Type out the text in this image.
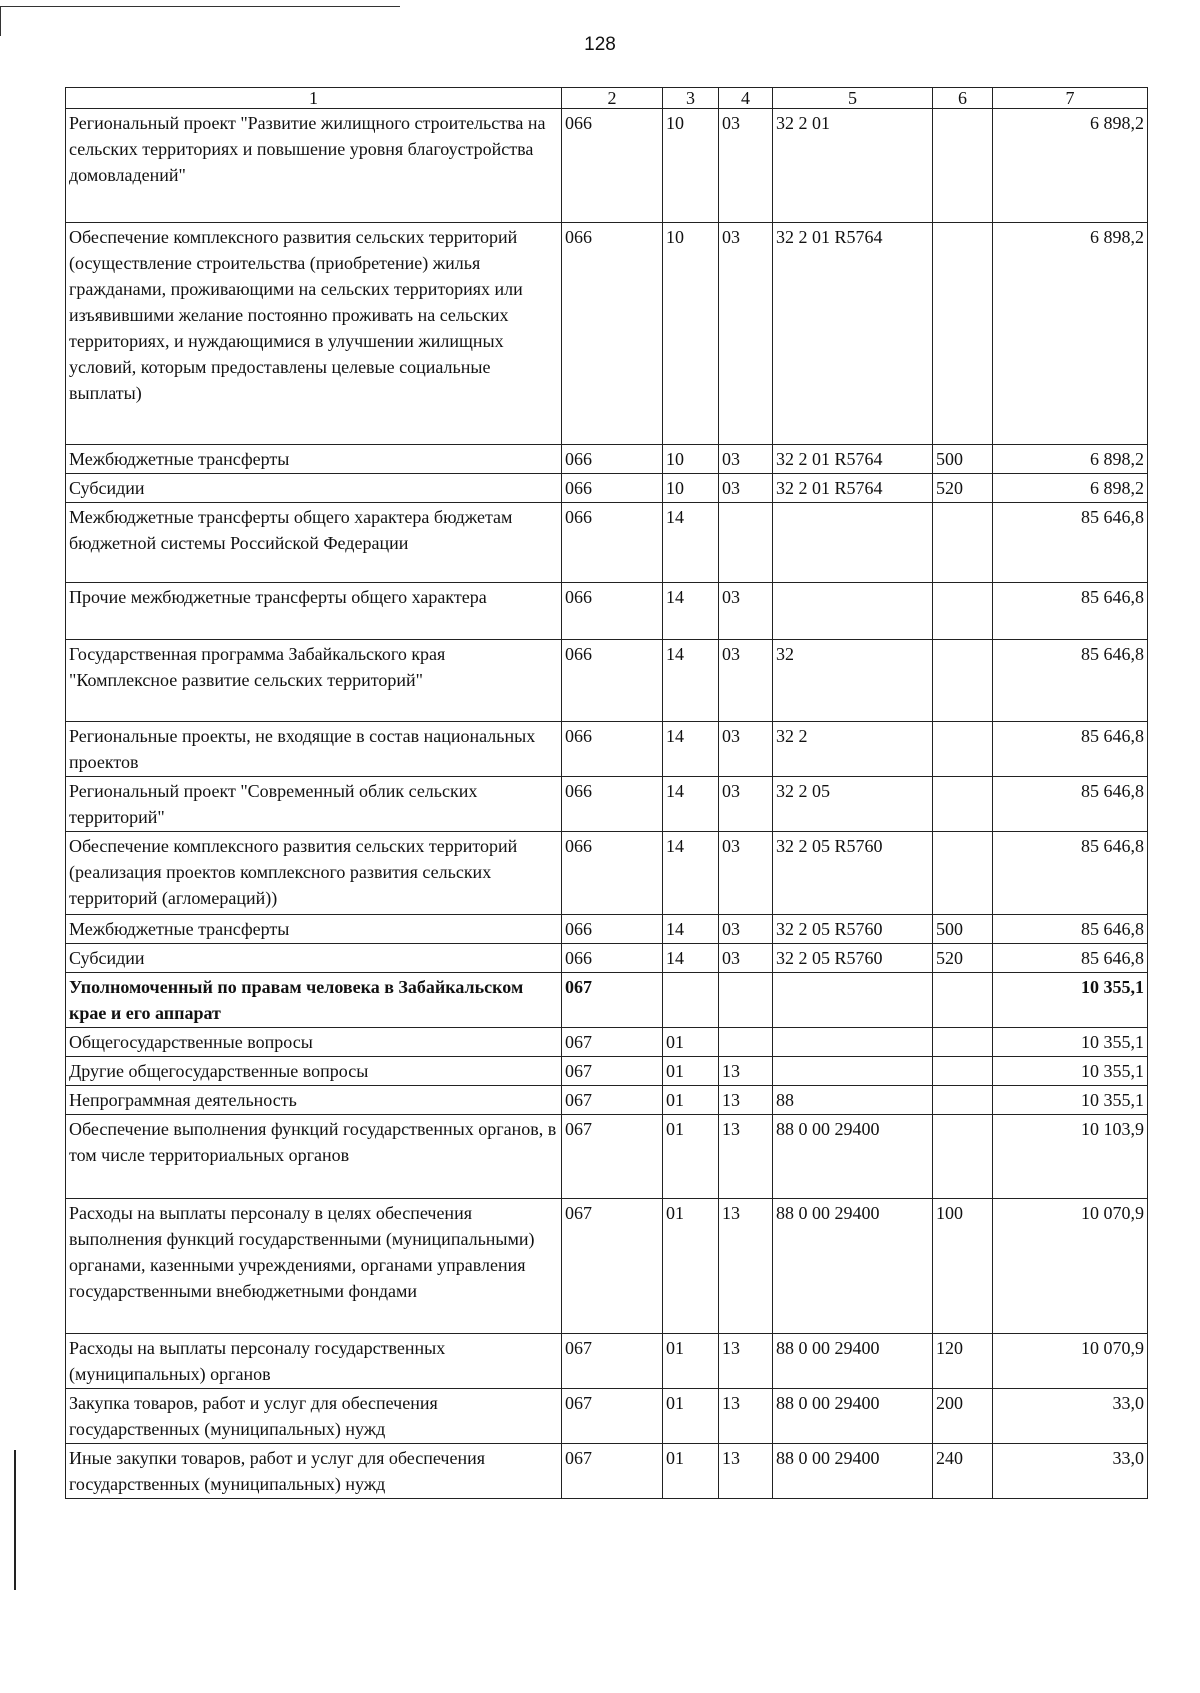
128
1	2	3	4	5	6	7
Региональный проект "Развитие жилищного строительства на сельских территориях и повышение уровня благоустройства домовладений"	066	10	03	32 2 01		6 898,2
Обеспечение комплексного развития сельских территорий (осуществление строительства (приобретение) жилья гражданами, проживающими на сельских территориях или изъявившими желание постоянно проживать на сельских территориях, и нуждающимися в улучшении жилищных условий, которым предоставлены целевые социальные выплаты)	066	10	03	32 2 01 R5764		6 898,2
Межбюджетные трансферты	066	10	03	32 2 01 R5764	500	6 898,2
Субсидии	066	10	03	32 2 01 R5764	520	6 898,2
Межбюджетные трансферты общего характера бюджетам бюджетной системы Российской Федерации	066	14				85 646,8
Прочие межбюджетные трансферты общего характера	066	14	03			85 646,8
Государственная программа Забайкальского края "Комплексное развитие сельских территорий"	066	14	03	32		85 646,8
Региональные проекты, не входящие в состав национальных проектов	066	14	03	32 2		85 646,8
Региональный проект "Современный облик сельских территорий"	066	14	03	32 2 05		85 646,8
Обеспечение комплексного развития сельских территорий (реализация проектов комплексного развития сельских территорий (агломераций))	066	14	03	32 2 05 R5760		85 646,8
Межбюджетные трансферты	066	14	03	32 2 05 R5760	500	85 646,8
Субсидии	066	14	03	32 2 05 R5760	520	85 646,8
Уполномоченный по правам человека в Забайкальском крае и его аппарат	067					10 355,1
Общегосударственные вопросы	067	01				10 355,1
Другие общегосударственные вопросы	067	01	13			10 355,1
Непрограммная деятельность	067	01	13	88		10 355,1
Обеспечение выполнения функций государственных органов, в том числе территориальных органов	067	01	13	88 0 00 29400		10 103,9
Расходы на выплаты персоналу в целях обеспечения выполнения функций государственными (муниципальными) органами, казенными учреждениями, органами управления государственными внебюджетными фондами	067	01	13	88 0 00 29400	100	10 070,9
Расходы на выплаты персоналу государственных (муниципальных) органов	067	01	13	88 0 00 29400	120	10 070,9
Закупка товаров, работ и услуг для обеспечения государственных (муниципальных) нужд	067	01	13	88 0 00 29400	200	33,0
Иные закупки товаров, работ и услуг для обеспечения государственных (муниципальных) нужд	067	01	13	88 0 00 29400	240	33,0
